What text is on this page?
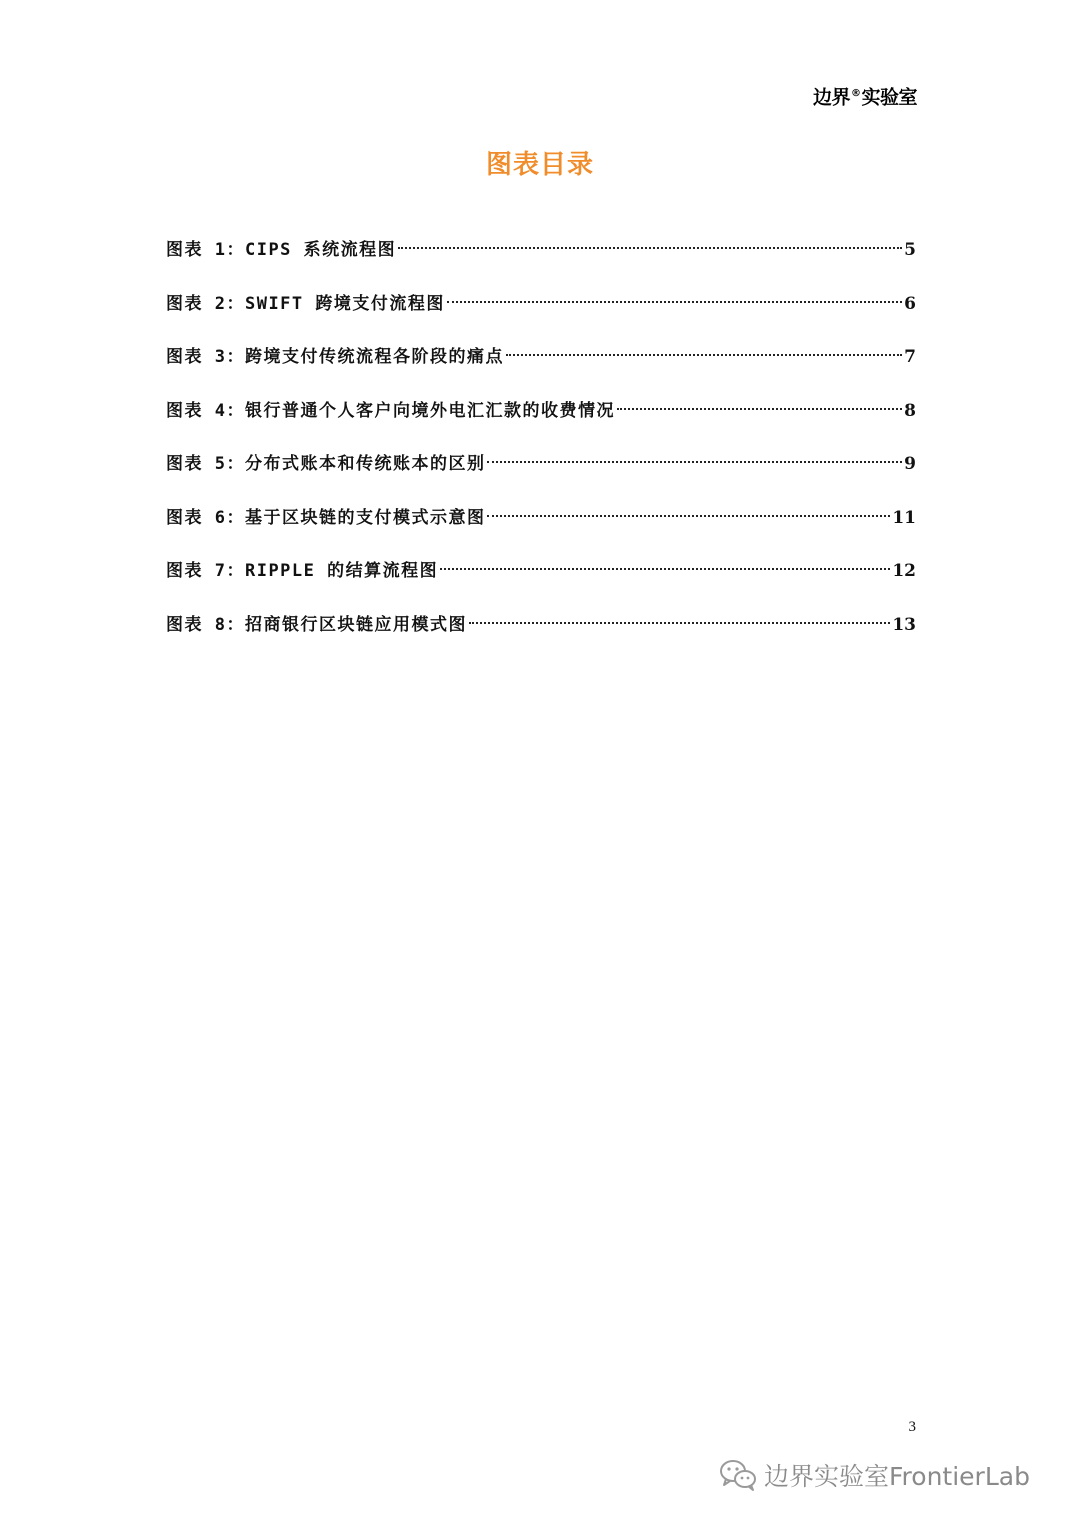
边界®实验室
图表目录
图表 1：CIPS 系统流程图	5
图表 2：SWIFT 跨境支付流程图	6
图表 3：跨境支付传统流程各阶段的痛点	7
图表 4：银行普通个人客户向境外电汇汇款的收费情况	8
图表 5：分布式账本和传统账本的区别	9
图表 6：基于区块链的支付模式示意图	11
图表 7：RIPPLE 的结算流程图	12
图表 8：招商银行区块链应用模式图	13
3
边界实验室FrontierLab
